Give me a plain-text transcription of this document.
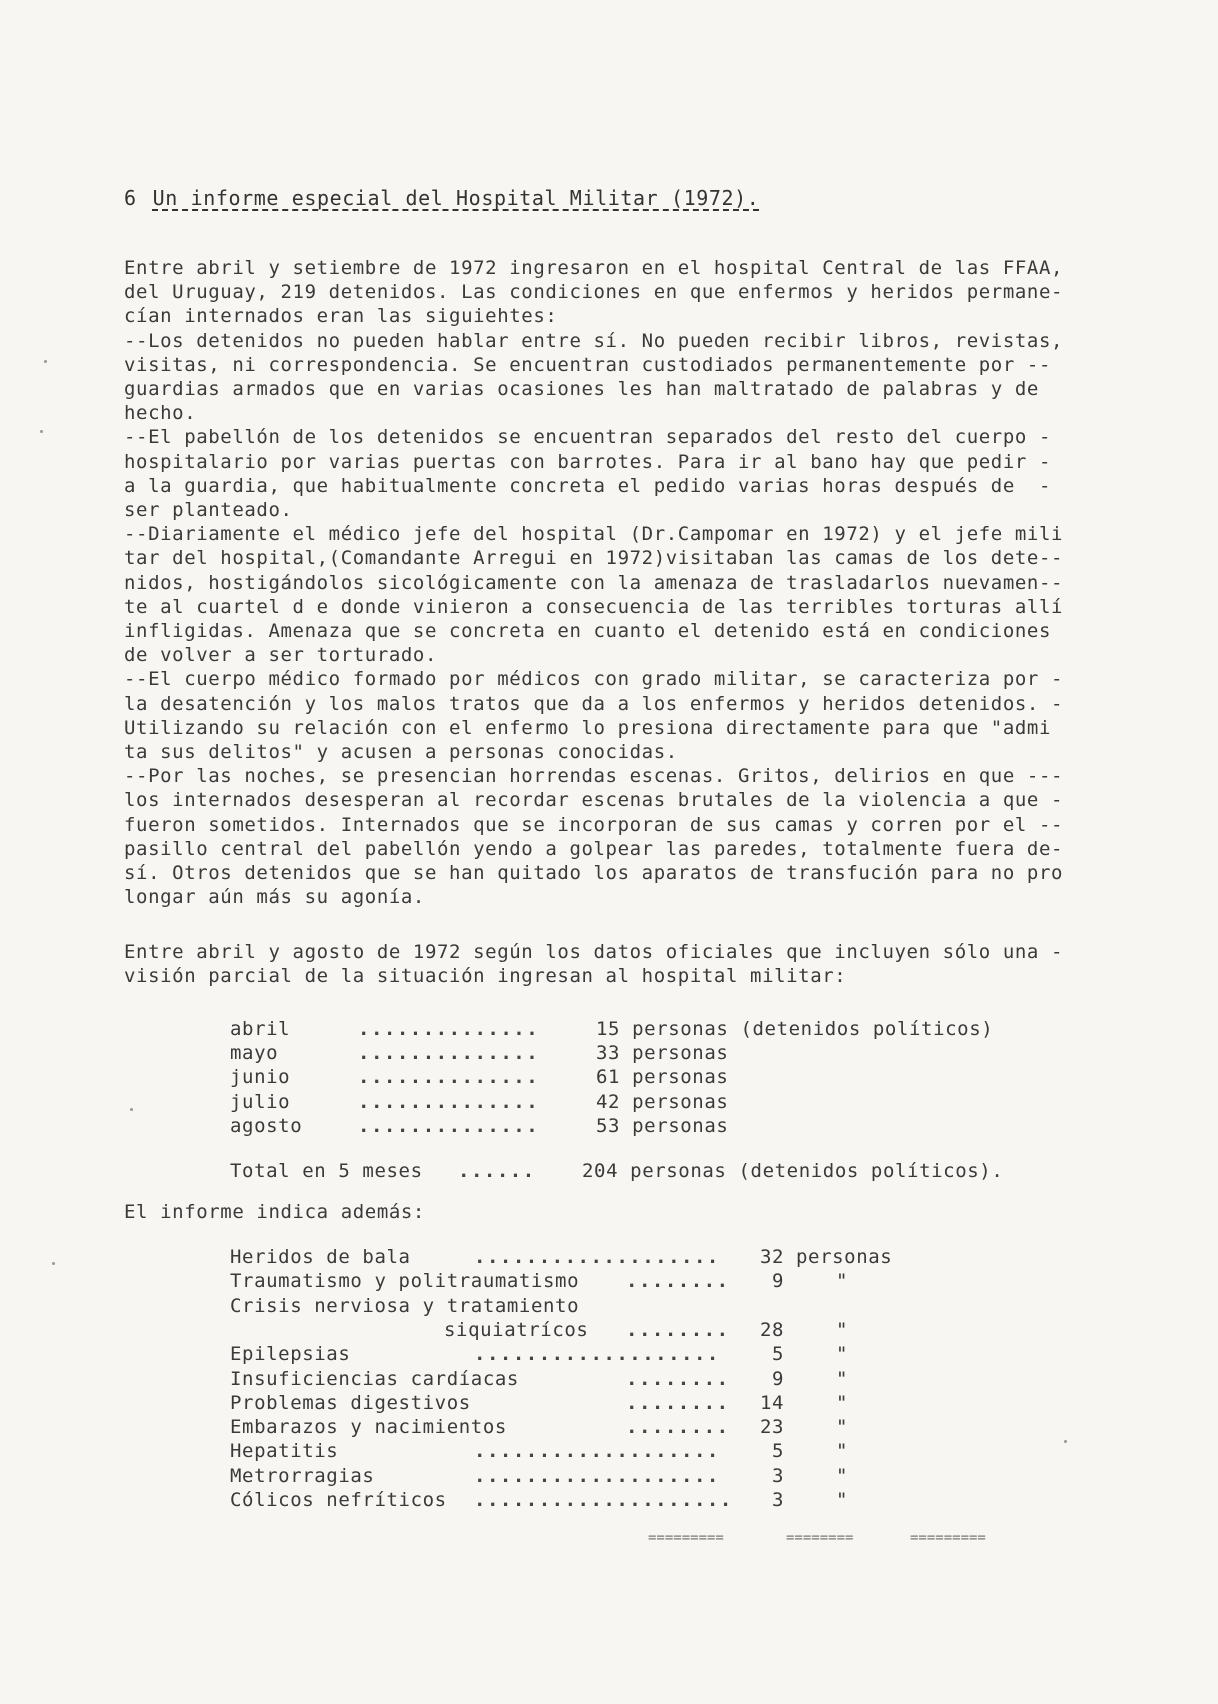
6 Un informe especial del Hospital Militar (1972).
Entre abril y setiembre de 1972 ingresaron en el hospital Central de las FFAA,
del Uruguay, 219 detenidos. Las condiciones en que enfermos y heridos permane-
cían internados eran las siguiehtes:
--Los detenidos no pueden hablar entre sí. No pueden recibir libros, revistas,
visitas, ni correspondencia. Se encuentran custodiados permanentemente por --
guardias armados que en varias ocasiones les han maltratado de palabras y de
hecho.
--El pabellón de los detenidos se encuentran separados del resto del cuerpo -
hospitalario por varias puertas con barrotes. Para ir al bano hay que pedir -
a la guardia, que habitualmente concreta el pedido varias horas después de  -
ser planteado.
--Diariamente el médico jefe del hospital (Dr.Campomar en 1972) y el jefe mili
tar del hospital,(Comandante Arregui en 1972)visitaban las camas de los dete--
nidos, hostigándolos sicológicamente con la amenaza de trasladarlos nuevamen--
te al cuartel d e donde vinieron a consecuencia de las terribles torturas allí
infligidas. Amenaza que se concreta en cuanto el detenido está en condiciones
de volver a ser torturado.
--El cuerpo médico formado por médicos con grado militar, se caracteriza por -
la desatención y los malos tratos que da a los enfermos y heridos detenidos. -
Utilizando su relación con el enfermo lo presiona directamente para que "admi
ta sus delitos" y acusen a personas conocidas.
--Por las noches, se presencian horrendas escenas. Gritos, delirios en que ---
los internados desesperan al recordar escenas brutales de la violencia a que -
fueron sometidos. Internados que se incorporan de sus camas y corren por el --
pasillo central del pabellón yendo a golpear las paredes, totalmente fuera de-
sí. Otros detenidos que se han quitado los aparatos de transfución para no pro
longar aún más su agonía.
Entre abril y agosto de 1972 según los datos oficiales que incluyen sólo una -
visión parcial de la situación ingresan al hospital militar:
abril	..............	15 personas (detenidos políticos)
mayo	..............	33 personas
junio	..............	61 personas
julio	..............	42 personas
agosto	..............	53 personas
Total en 5 meses ...... 204 personas (detenidos políticos).
El informe indica además:
Heridos de bala	................... 32 personas
Traumatismo y politraumatismo ........ 9	"
Crisis nerviosa y tratamiento
siquiatrícos ........ 28	"
Epilepsias	...................	5	"
Insuficiencias cardíacas	........ 9	"
Problemas digestivos	........ 14	"
Embarazos y nacimientos	........ 23	"
Hepatitis	...................	5	"
Metrorragias	...................	3	"
Cólicos nefríticos .................... 3	"
=========	========	=========
